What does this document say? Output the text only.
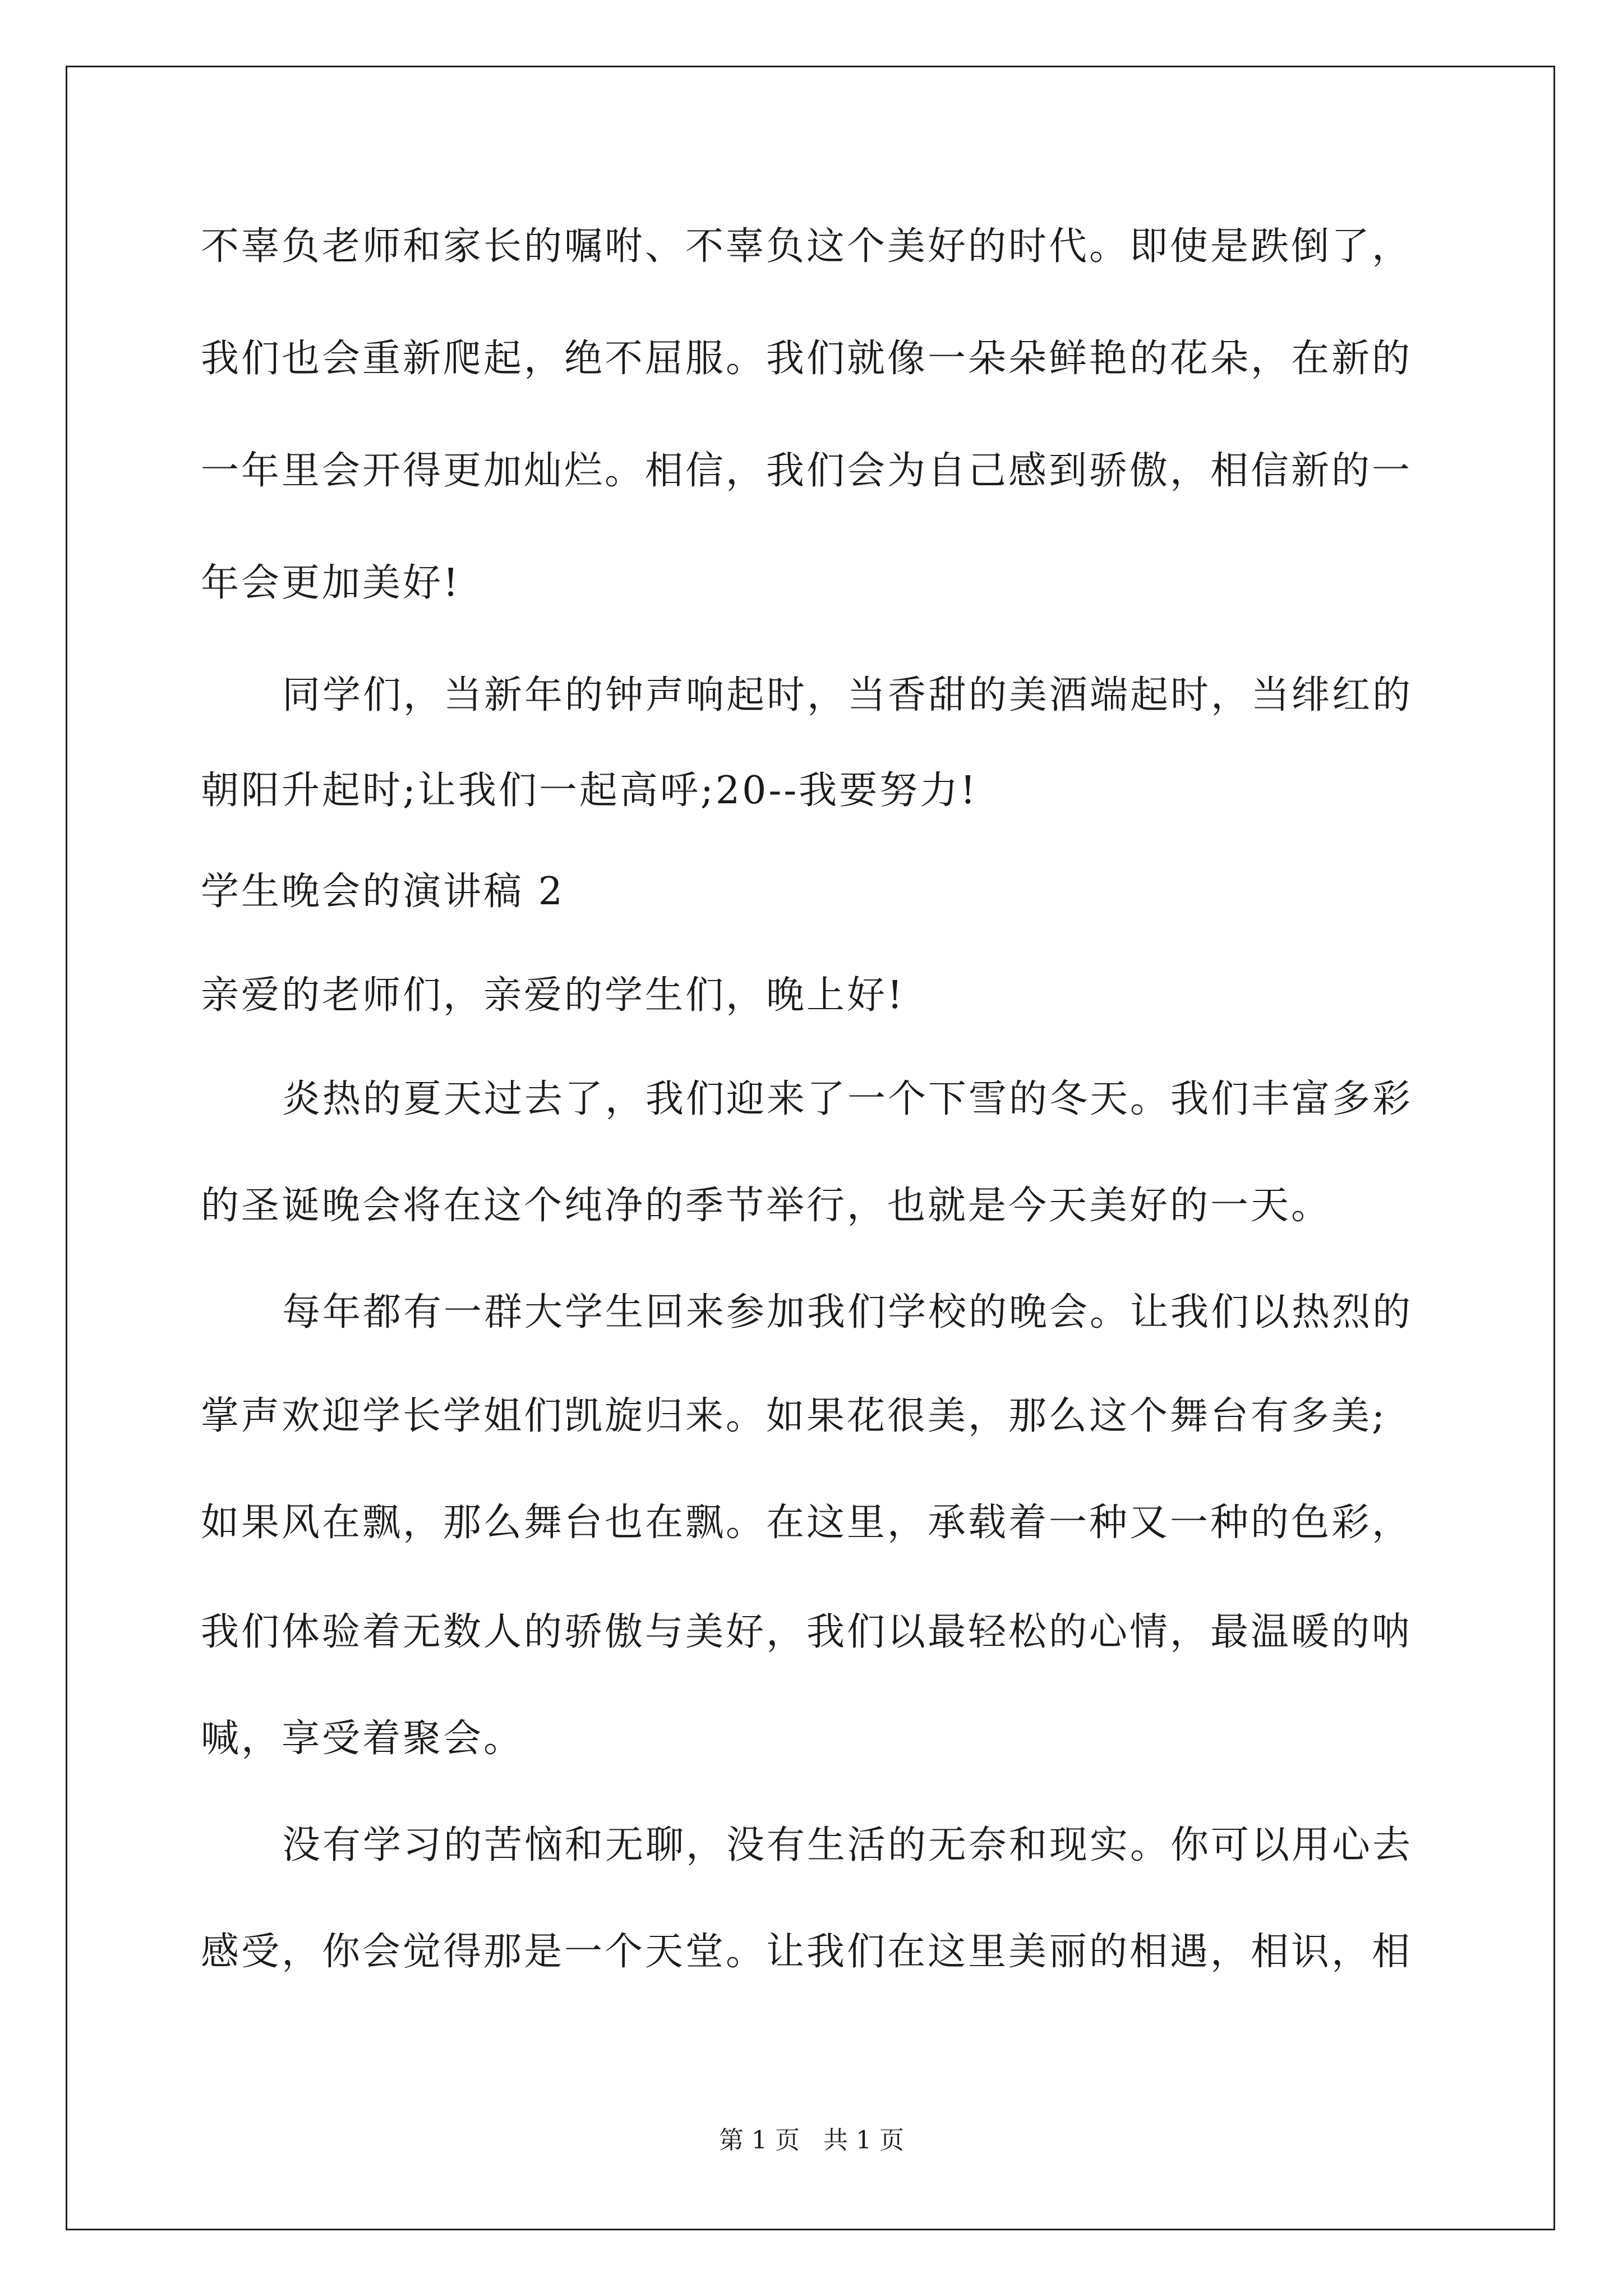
不辜负老师和家长的嘱咐、不辜负这个美好的时代。即使是跌倒了，
我们也会重新爬起，绝不屈服。我们就像一朵朵鲜艳的花朵，在新的
一年里会开得更加灿烂。相信，我们会为自己感到骄傲，相信新的一
年会更加美好!
同学们，当新年的钟声响起时，当香甜的美酒端起时，当绯红的
朝阳升起时;让我们一起高呼;20--我要努力!
学生晚会的演讲稿 2
亲爱的老师们，亲爱的学生们，晚上好!
炎热的夏天过去了，我们迎来了一个下雪的冬天。我们丰富多彩
的圣诞晚会将在这个纯净的季节举行，也就是今天美好的一天。
每年都有一群大学生回来参加我们学校的晚会。让我们以热烈的
掌声欢迎学长学姐们凯旋归来。如果花很美，那么这个舞台有多美;
如果风在飘，那么舞台也在飘。在这里，承载着一种又一种的色彩，
我们体验着无数人的骄傲与美好，我们以最轻松的心情，最温暖的呐
喊，享受着聚会。
没有学习的苦恼和无聊，没有生活的无奈和现实。你可以用心去
感受，你会觉得那是一个天堂。让我们在这里美丽的相遇，相识，相
第 1 页   共 1 页
